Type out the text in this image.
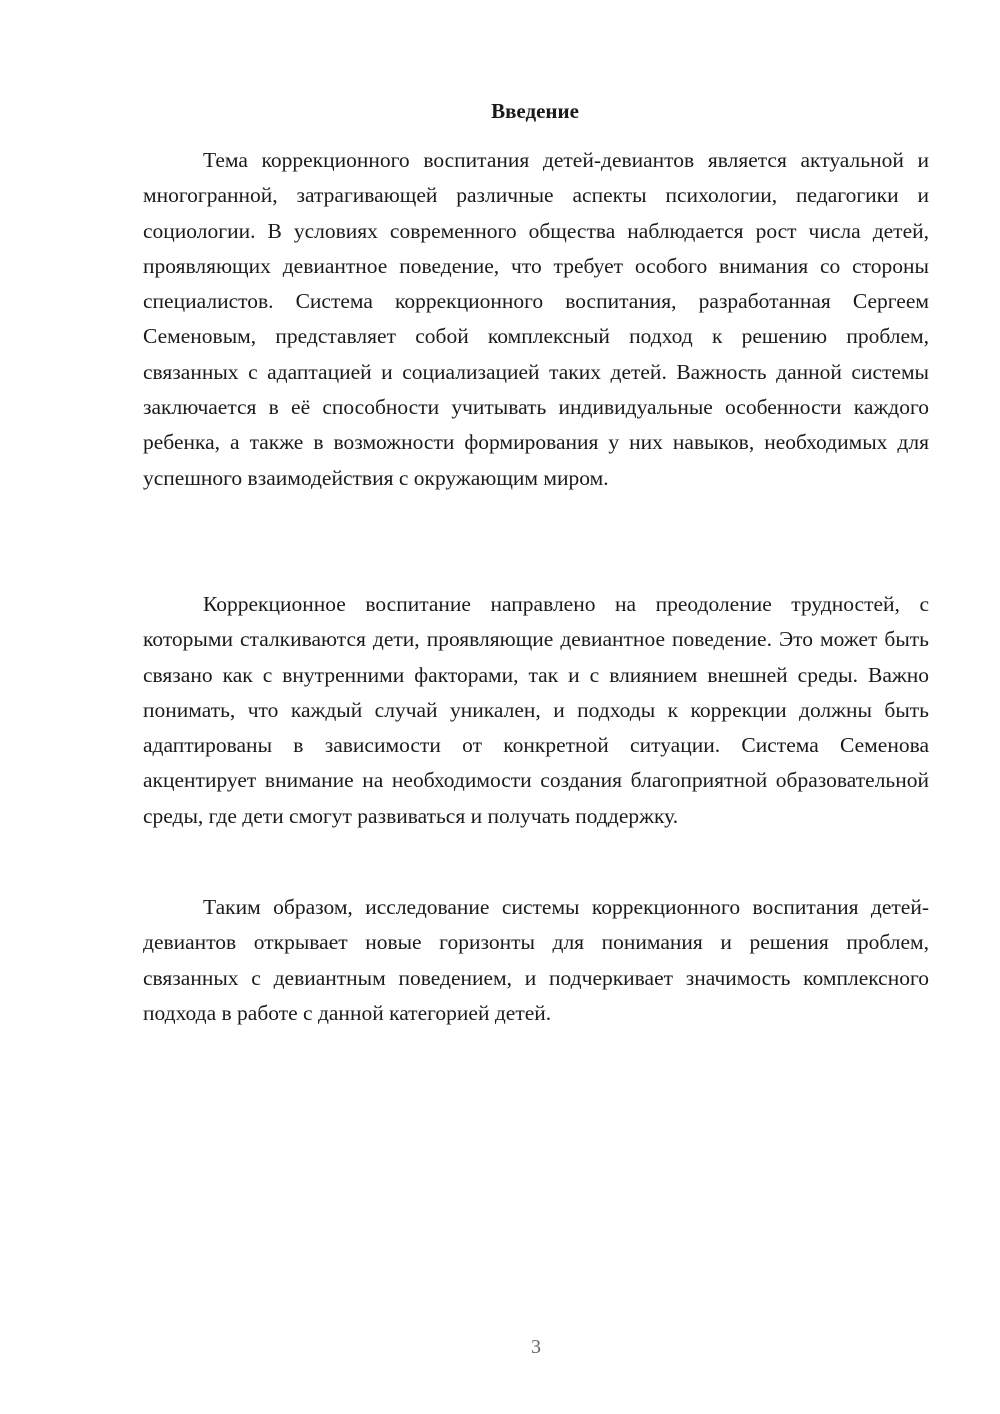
Введение

Тема коррекционного воспитания детей-девиантов является актуальной и многогранной, затрагивающей различные аспекты психологии, педагогики и социологии. В условиях современного общества наблюдается рост числа детей, проявляющих девиантное поведение, что требует особого внимания со стороны специалистов. Система коррекционного воспитания, разработанная Сергеем Семеновым, представляет собой комплексный подход к решению проблем, связанных с адаптацией и социализацией таких детей. Важность данной системы заключается в её способности учитывать индивидуальные особенности каждого ребенка, а также в возможности формирования у них навыков, необходимых для успешного взаимодействия с окружающим миром.

Коррекционное воспитание направлено на преодоление трудностей, с которыми сталкиваются дети, проявляющие девиантное поведение. Это может быть связано как с внутренними факторами, так и с влиянием внешней среды. Важно понимать, что каждый случай уникален, и подходы к коррекции должны быть адаптированы в зависимости от конкретной ситуации. Система Семенова акцентирует внимание на необходимости создания благоприятной образовательной среды, где дети смогут развиваться и получать поддержку.

Таким образом, исследование системы коррекционного воспитания детей-девиантов открывает новые горизонты для понимания и решения проблем, связанных с девиантным поведением, и подчеркивает значимость комплексного подхода в работе с данной категорией детей.

3
